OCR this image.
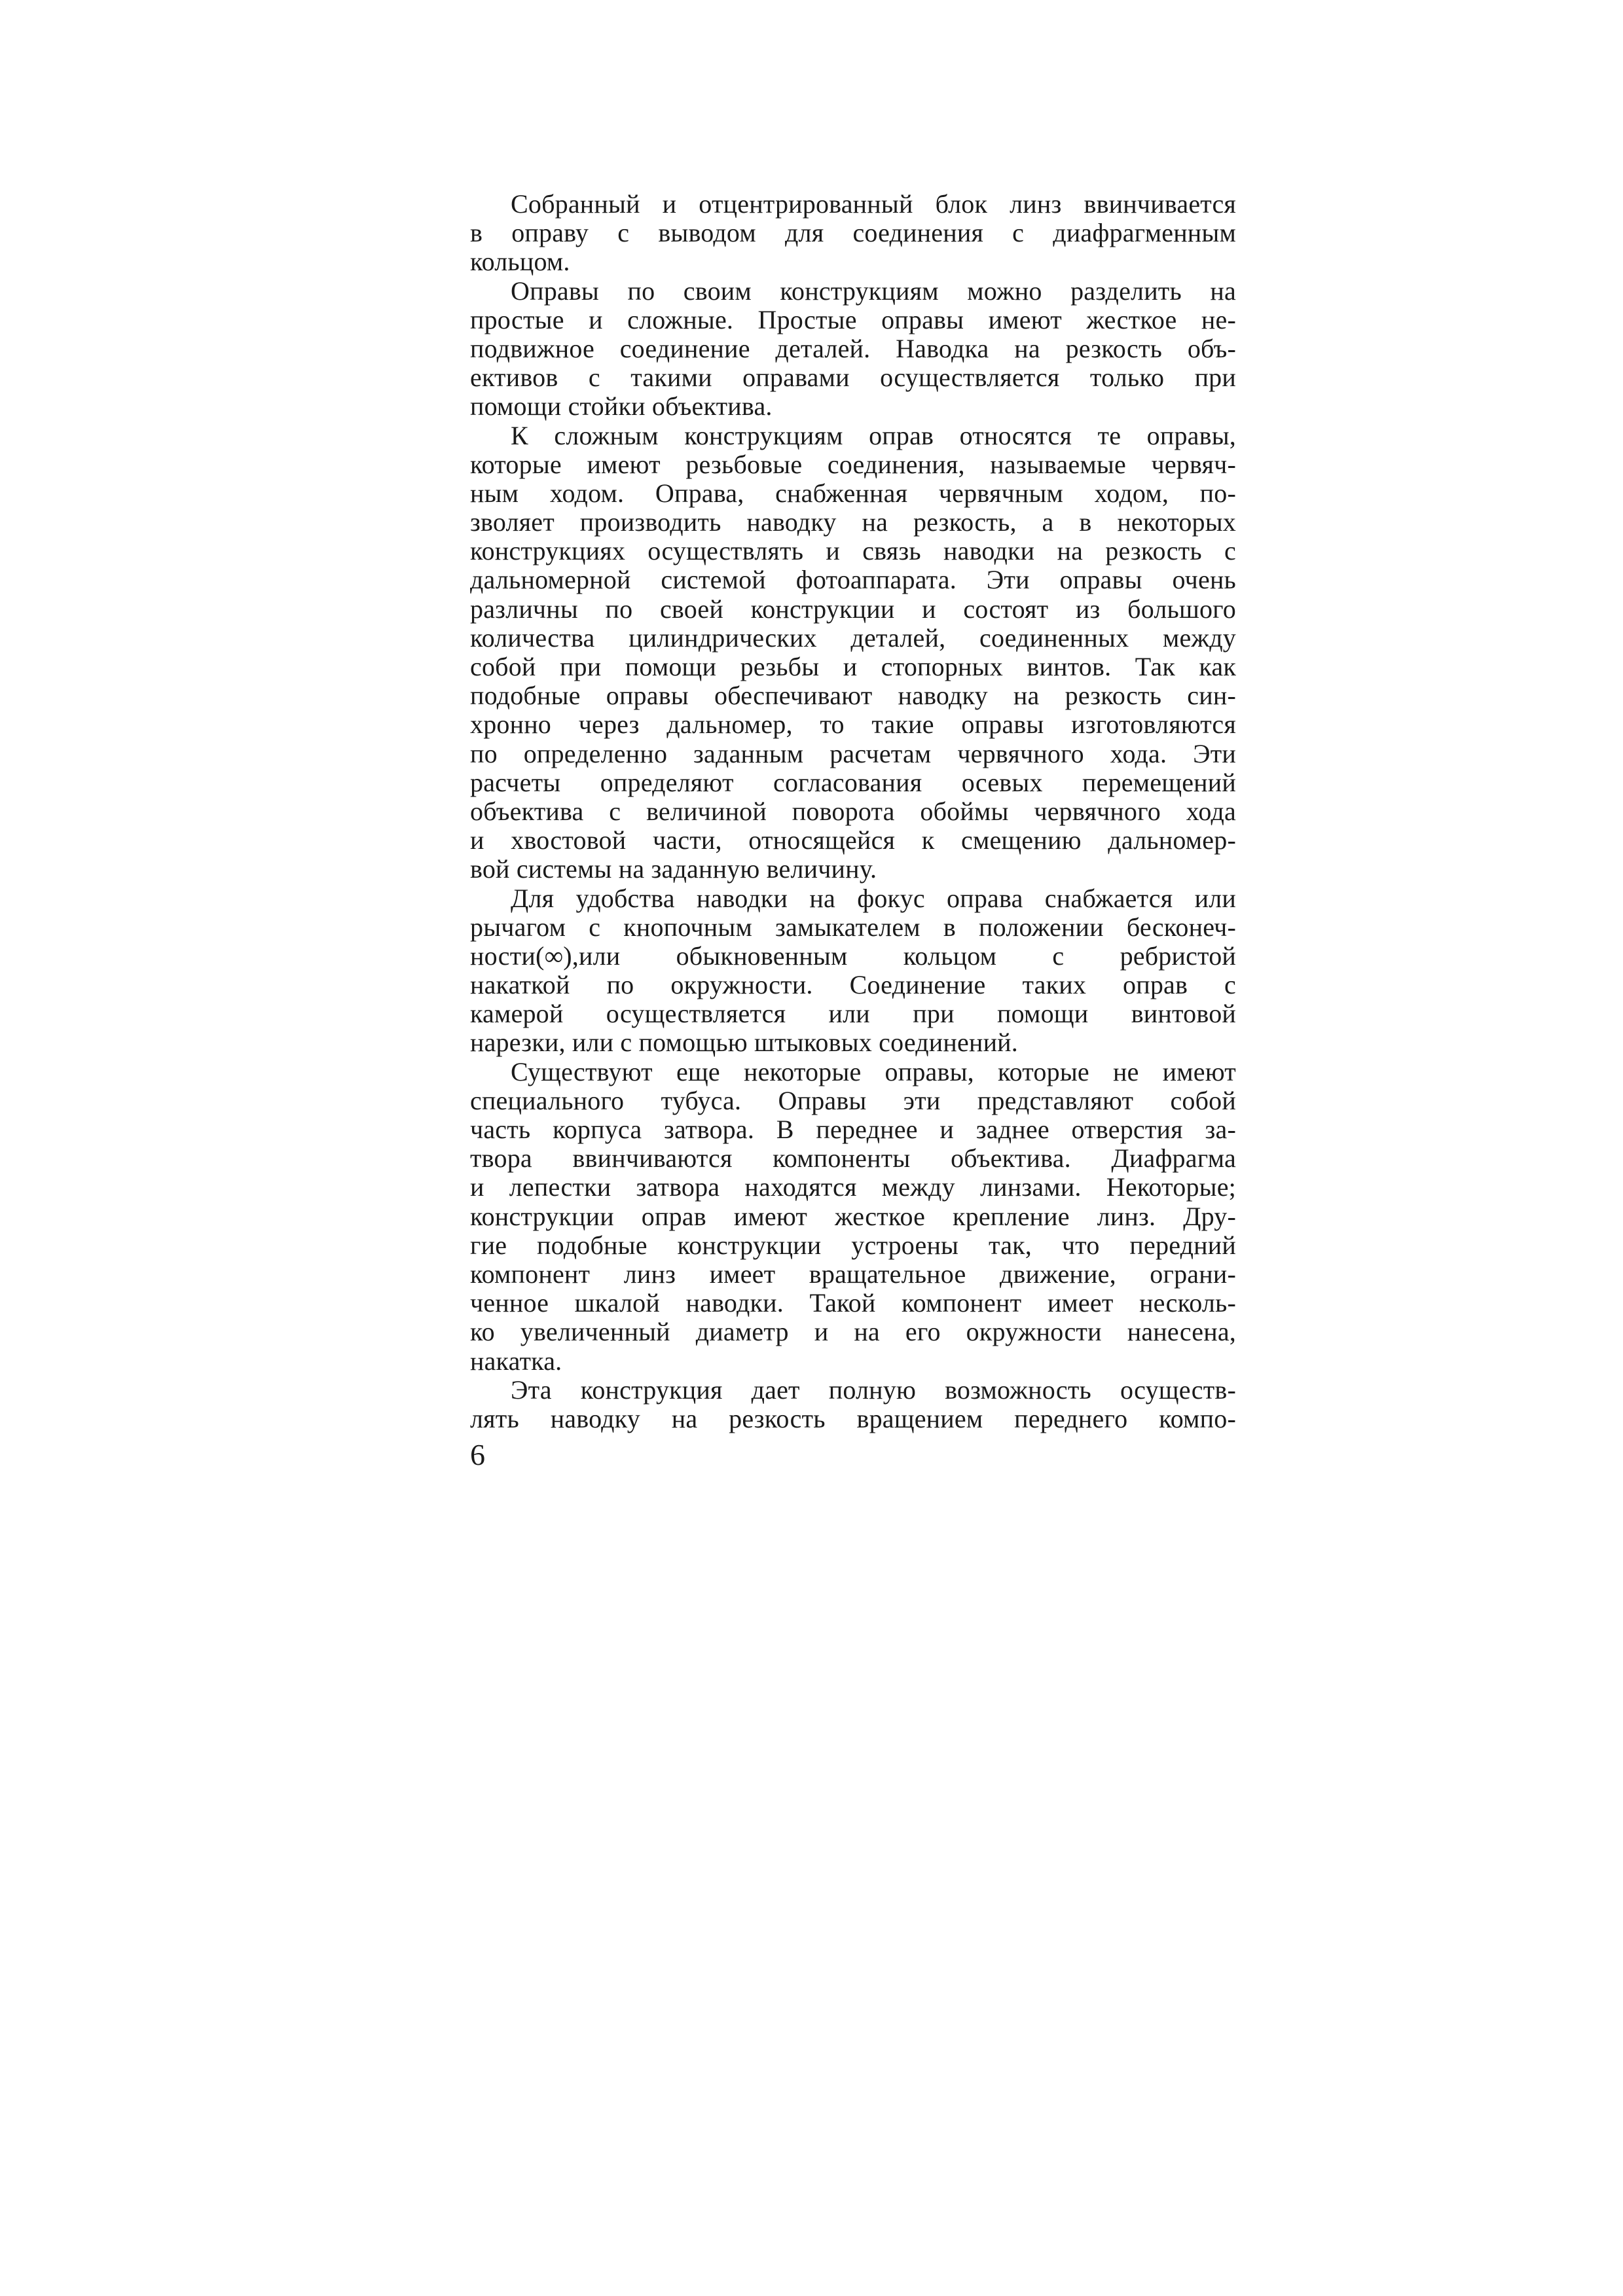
Собранный и отцентрированный блок линз ввинчивается
в оправу с выводом для соединения с диафрагменным
кольцом.
Оправы по своим конструкциям можно разделить на
простые и сложные. Простые оправы имеют жесткое не-
подвижное соединение деталей. Наводка на резкость объ-
ективов с такими оправами осуществляется только при
помощи стойки объектива.
К сложным конструкциям оправ относятся те оправы,
которые имеют резьбовые соединения, называемые червяч-
ным ходом. Оправа, снабженная червячным ходом, по-
зволяет производить наводку на резкость, а в некоторых
конструкциях осуществлять и связь наводки на резкость с
дальномерной системой фотоаппарата. Эти оправы очень
различны по своей конструкции и состоят из большого
количества цилиндрических деталей, соединенных между
собой при помощи резьбы и стопорных винтов. Так как
подобные оправы обеспечивают наводку на резкость син-
хронно через дальномер, то такие оправы изготовляются
по определенно заданным расчетам червячного хода. Эти
расчеты определяют согласования осевых перемещений
объектива с величиной поворота обоймы червячного хода
и хвостовой части, относящейся к смещению дальномер-
вой системы на заданную величину.
Для удобства наводки на фокус оправа снабжается или
рычагом с кнопочным замыкателем в положении бесконеч-
ности(∞),или обыкновенным кольцом с ребристой
накаткой по окружности. Соединение таких оправ с
камерой осуществляется или при помощи винтовой
нарезки, или с помощью штыковых соединений.
Существуют еще некоторые оправы, которые не имеют
специального тубуса. Оправы эти представляют собой
часть корпуса затвора. В переднее и заднее отверстия за-
твора ввинчиваются компоненты объектива. Диафрагма
и лепестки затвора находятся между линзами. Некоторые;
конструкции оправ имеют жесткое крепление линз. Дру-
гие подобные конструкции устроены так, что передний
компонент линз имеет вращательное движение, ограни-
ченное шкалой наводки. Такой компонент имеет несколь-
ко увеличенный диаметр и на его окружности нанесена,
накатка.
Эта конструкция дает полную возможность осуществ-
лять наводку на резкость вращением переднего компо-
6
